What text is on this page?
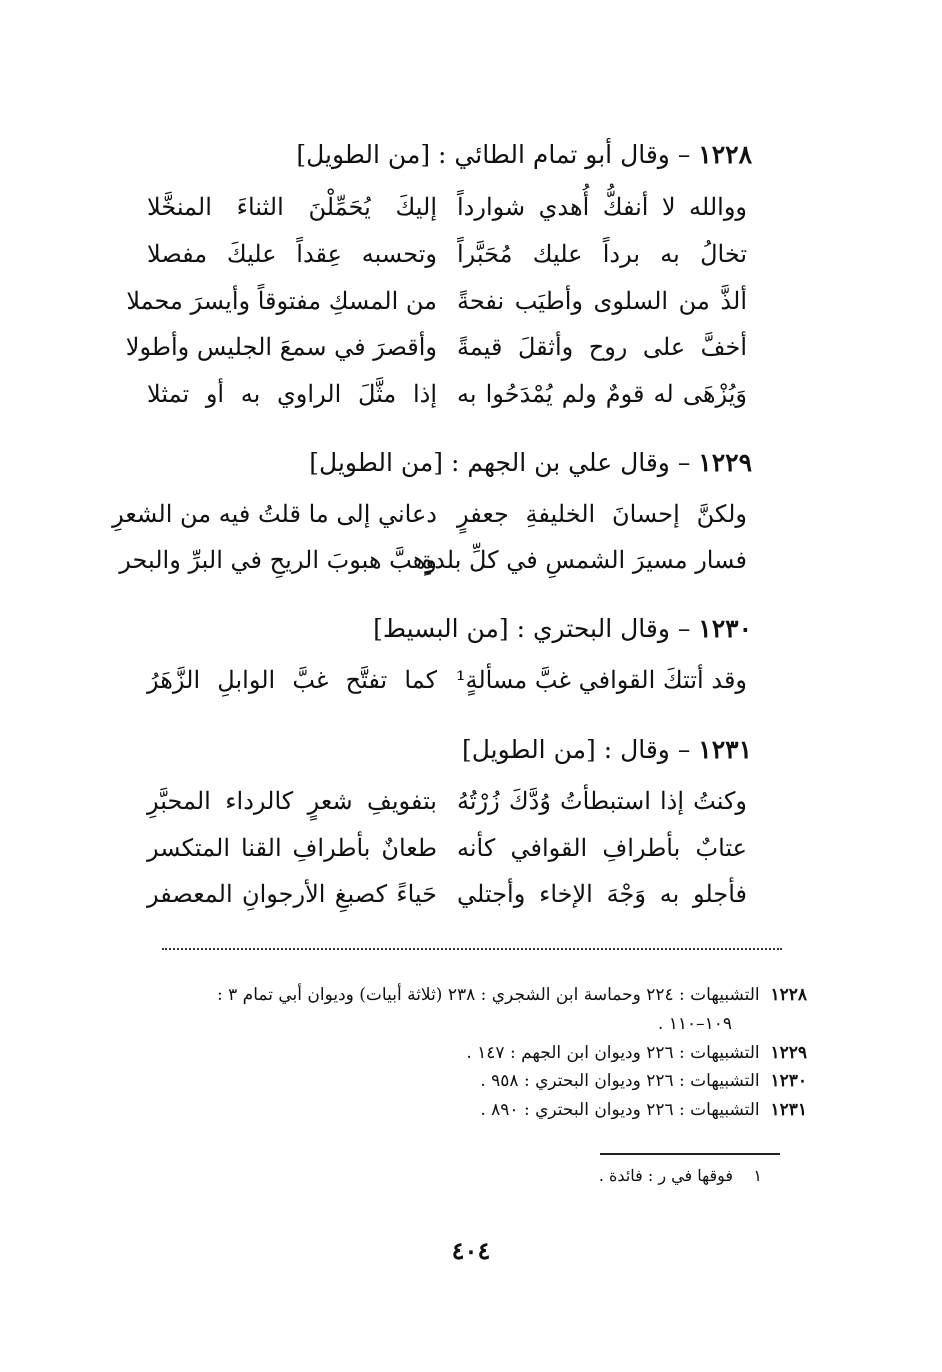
١٢٢٨ – وقال أبو تمام الطائي : [من الطويل]
ووالله لا أنفكُّ أُهدي شوارداً
إليكَ يُحَمِّلْنَ الثناءَ المنخَّلا
تخالُ به برداً عليك مُحَبَّراً
وتحسبه عِقداً عليكَ مفصلا
ألذَّ من السلوى وأطيَب نفحةً
من المسكِ مفتوقاً وأيسرَ محملا
أخفَّ على روح وأثقلَ قيمةً
وأقصرَ في سمعَ الجليس وأطولا
وَيُزْهَى له قومٌ ولم يُمْدَحُوا به
إذا مثَّلَ الراوي به أو تمثلا
١٢٢٩ – وقال علي بن الجهم : [من الطويل]
ولكنَّ إحسانَ الخليفةِ جعفرٍ
دعاني إلى ما قلتُ فيه من الشعرِ
فسار مسيرَ الشمسِ في كلِّ بلدةٍ
وهبَّ هبوبَ الريحِ في البرِّ والبحر
١٢٣٠ – وقال البحتري : [من البسيط]
وقد أتتكَ القوافي غبَّ مسألةٍ¹
كما تفتَّح غبَّ الوابلِ الزَّهَرُ
١٢٣١ – وقال : [من الطويل]
وكنتُ إذا استبطأتُ وُدَّكَ زُرْتُهُ
بتفويفِ شعرٍ كالرداء المحبَّرِ
عتابٌ بأطرافِ القوافي كأنه
طعانٌ بأطرافِ القنا المتكسر
فأجلو به وَجْهَ الإخاء وأجتلي
حَياءً كصبغِ الأرجوانِ المعصفر
١٢٢٨  التشبيهات : ٢٢٤ وحماسة ابن الشجري : ٢٣٨ (ثلاثة أبيات) وديوان أبي تمام ٣ :
١٠٩–١١٠ .
١٢٢٩  التشبيهات : ٢٢٦ وديوان ابن الجهم : ١٤٧ .
١٢٣٠  التشبيهات : ٢٢٦ وديوان البحتري : ٩٥٨ .
١٢٣١  التشبيهات : ٢٢٦ وديوان البحتري : ٨٩٠ .
١    فوقها في ر : فائدة .
٤٠٤
